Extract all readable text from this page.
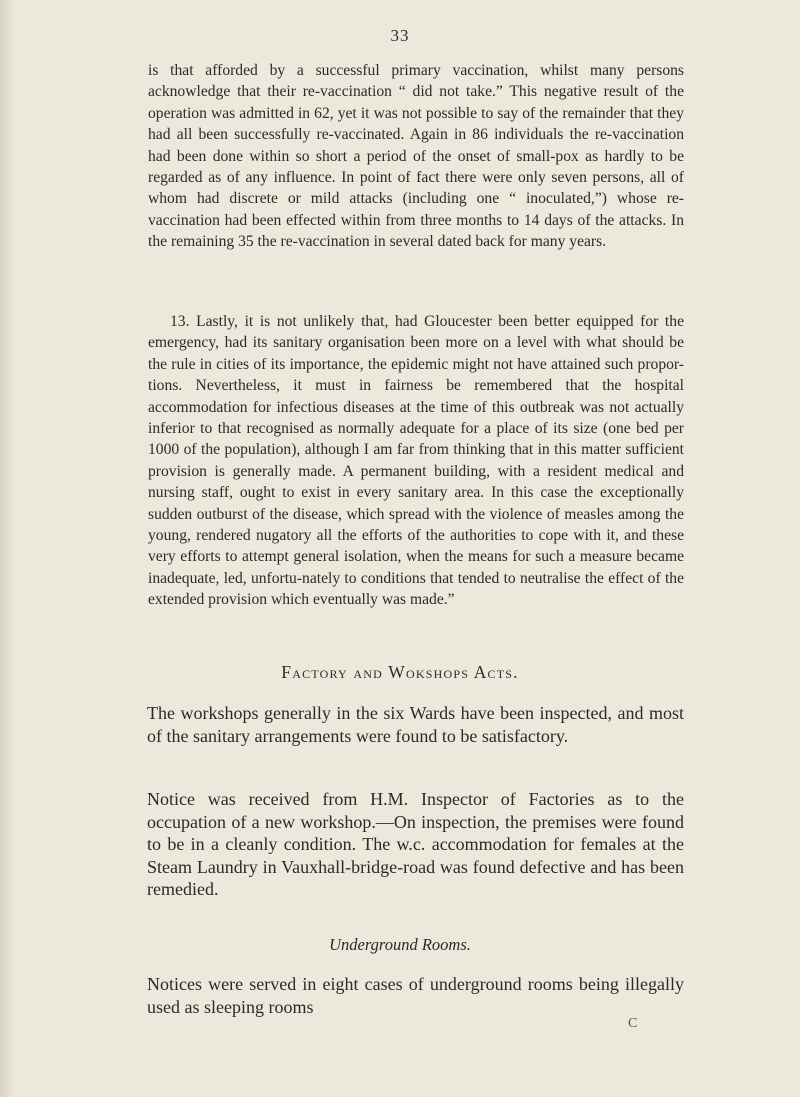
33

is that afforded by a successful primary vaccination, whilst many persons acknowledge that their re-vaccination “ did not take.” This negative result of the operation was admitted in 62, yet it was not possible to say of the remainder that they had all been successfully re-vaccinated. Again in 86 individuals the re-vaccination had been done within so short a period of the onset of small-pox as hardly to be regarded as of any influence. In point of fact there were only seven persons, all of whom had discrete or mild attacks (including one “ inoculated,”) whose re-vaccination had been effected within from three months to 14 days of the attacks. In the remaining 35 the re-vaccination in several dated back for many years.

13. Lastly, it is not unlikely that, had Gloucester been better equipped for the emergency, had its sanitary organisation been more on a level with what should be the rule in cities of its importance, the epidemic might not have attained such propor-tions. Nevertheless, it must in fairness be remembered that the hospital accommodation for infectious diseases at the time of this outbreak was not actually inferior to that recognised as normally adequate for a place of its size (one bed per 1000 of the population), although I am far from thinking that in this matter sufficient provision is generally made. A permanent building, with a resident medical and nursing staff, ought to exist in every sanitary area. In this case the exceptionally sudden outburst of the disease, which spread with the violence of measles among the young, rendered nugatory all the efforts of the authorities to cope with it, and these very efforts to attempt general isolation, when the means for such a measure became inadequate, led, unfortu-nately to conditions that tended to neutralise the effect of the extended provision which eventually was made.”

Factory and Wokshops Acts.

The workshops generally in the six Wards have been inspected, and most of the sanitary arrangements were found to be satisfactory.

Notice was received from H.M. Inspector of Factories as to the occupation of a new workshop.—On inspection, the premises were found to be in a cleanly condition. The w.c. accommodation for females at the Steam Laundry in Vauxhall-bridge-road was found defective and has been remedied.

Underground Rooms.

Notices were served in eight cases of underground rooms being illegally used as sleeping rooms

C
